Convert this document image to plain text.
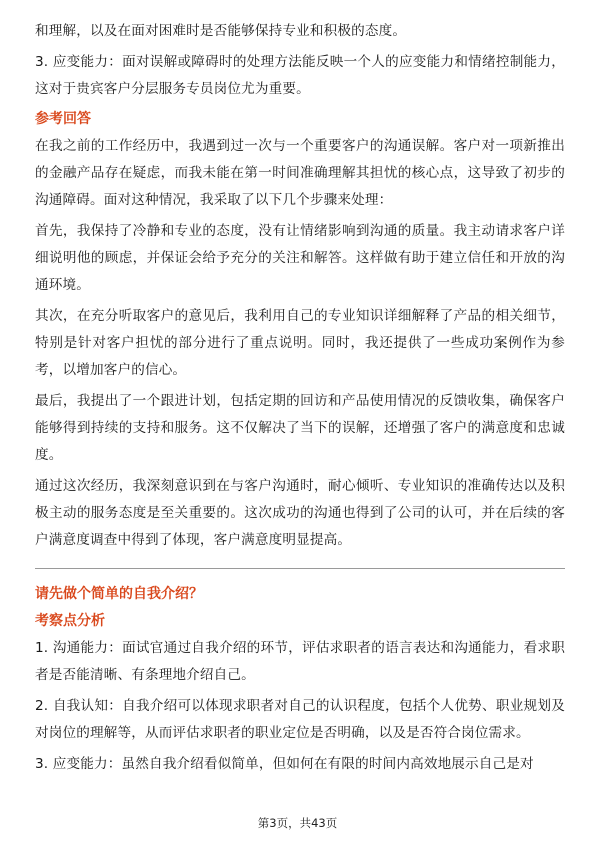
和理解，以及在面对困难时是否能够保持专业和积极的态度。

3. 应变能力：面对误解或障碍时的处理方法能反映一个人的应变能力和情绪控制能力，这对于贵宾客户分层服务专员岗位尤为重要。

参考回答

在我之前的工作经历中，我遇到过一次与一个重要客户的沟通误解。客户对一项新推出的金融产品存在疑虑，而我未能在第一时间准确理解其担忧的核心点，这导致了初步的沟通障碍。面对这种情况，我采取了以下几个步骤来处理：

首先，我保持了冷静和专业的态度，没有让情绪影响到沟通的质量。我主动请求客户详细说明他的顾虑，并保证会给予充分的关注和解答。这样做有助于建立信任和开放的沟通环境。

其次，在充分听取客户的意见后，我利用自己的专业知识详细解释了产品的相关细节，特别是针对客户担忧的部分进行了重点说明。同时，我还提供了一些成功案例作为参考，以增加客户的信心。

最后，我提出了一个跟进计划，包括定期的回访和产品使用情况的反馈收集，确保客户能够得到持续的支持和服务。这不仅解决了当下的误解，还增强了客户的满意度和忠诚度。

通过这次经历，我深刻意识到在与客户沟通时，耐心倾听、专业知识的准确传达以及积极主动的服务态度是至关重要的。这次成功的沟通也得到了公司的认可，并在后续的客户满意度调查中得到了体现，客户满意度明显提高。

请先做个简单的自我介绍？
考察点分析

1. 沟通能力：面试官通过自我介绍的环节，评估求职者的语言表达和沟通能力，看求职者是否能清晰、有条理地介绍自己。

2. 自我认知：自我介绍可以体现求职者对自己的认识程度，包括个人优势、职业规划及对岗位的理解等，从而评估求职者的职业定位是否明确，以及是否符合岗位需求。

3. 应变能力：虽然自我介绍看似简单，但如何在有限的时间内高效地展示自己是对

第3页，共43页
